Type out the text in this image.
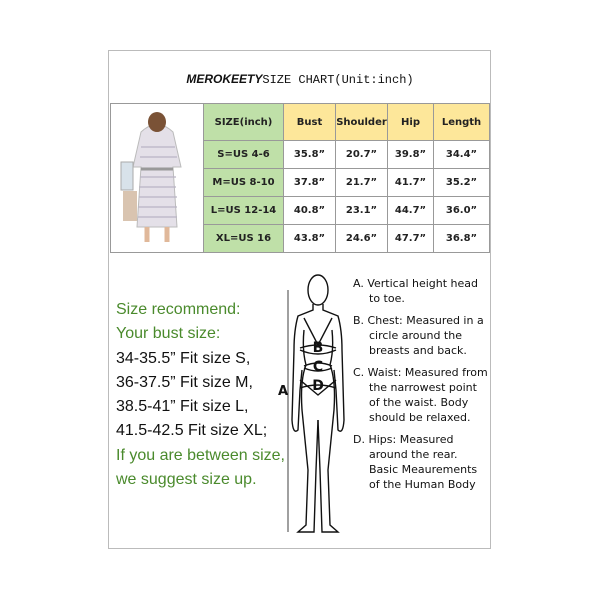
MEROKEETYSIZE CHART(Unit:inch)
	SIZE(inch)	Bust	Shoulder	Hip	Length
	S=US 4-6	35.8”	20.7”	39.8”	34.4”
	M=US 8-10	37.8”	21.7”	41.7”	35.2”
	L=US 12-14	40.8”	23.1”	44.7”	36.0”
	XL=US 16	43.8”	24.6”	47.7”	36.8”
Size recommend:
Your bust size:
34-35.5” Fit size S,
36-37.5” Fit size M,
38.5-41” Fit size L,
41.5-42.5 Fit size XL;
If you are between size,
we suggest size up.
B
C
D
A

A. Vertical height head to toe.

B. Chest: Measured in a circle around the breasts and back.

C. Waist: Measured from the narrowest point of the waist. Body should be relaxed.

D. Hips: Measured around the rear. Basic Meaurements of the Human Body
